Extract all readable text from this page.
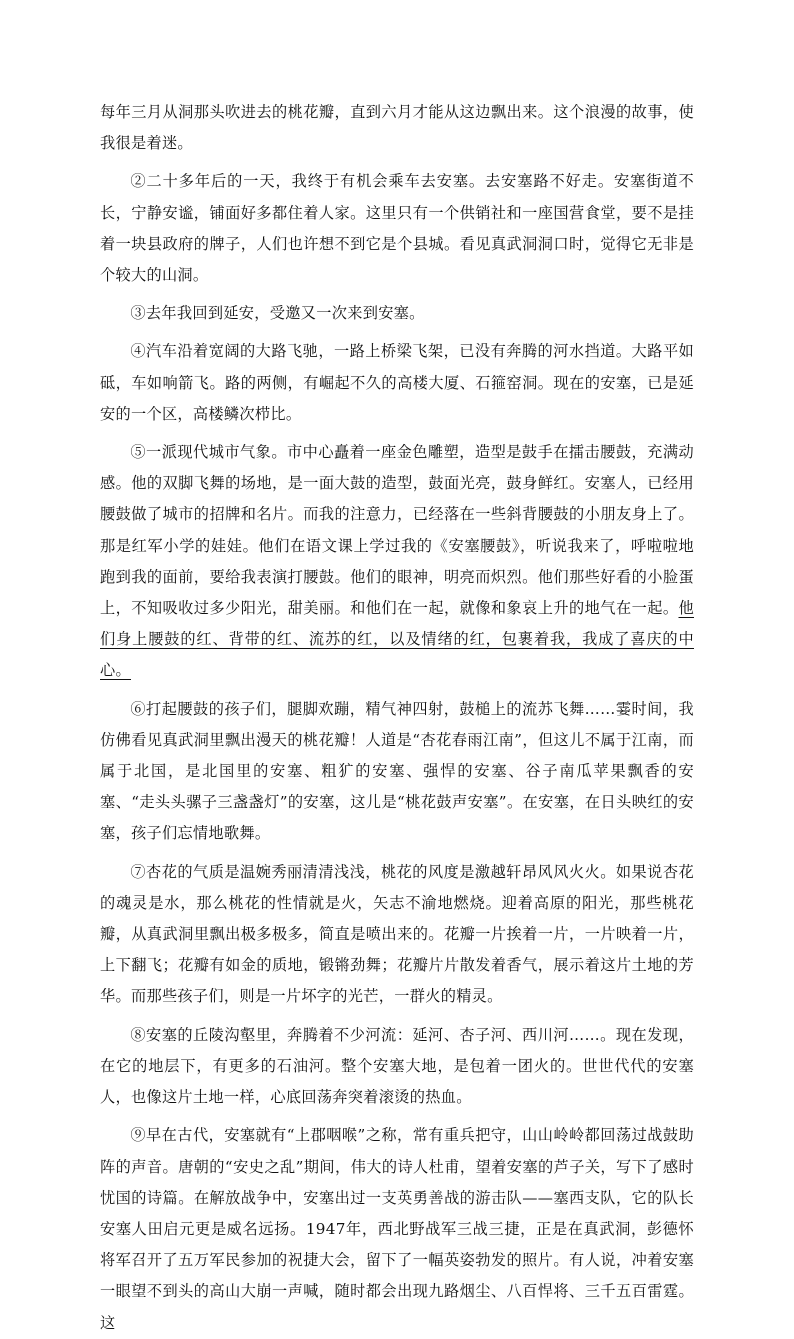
每年三月从洞那头吹进去的桃花瓣，直到六月才能从这边飘出来。这个浪漫的故事，使我很是着迷。

②二十多年后的一天，我终于有机会乘车去安塞。去安塞路不好走。安塞街道不长，宁静安谧，铺面好多都住着人家。这里只有一个供销社和一座国营食堂，要不是挂着一块县政府的牌子，人们也许想不到它是个县城。看见真武洞洞口时，觉得它无非是个较大的山洞。

③去年我回到延安，受邀又一次来到安塞。

④汽车沿着宽阔的大路飞驰，一路上桥梁飞架，已没有奔腾的河水挡道。大路平如砥，车如响箭飞。路的两侧，有崛起不久的高楼大厦、石箍窑洞。现在的安塞，已是延安的一个区，高楼鳞次栉比。

⑤一派现代城市气象。市中心矗着一座金色雕塑，造型是鼓手在擂击腰鼓，充满动感。他的双脚飞舞的场地，是一面大鼓的造型，鼓面光亮，鼓身鲜红。安塞人，已经用腰鼓做了城市的招牌和名片。而我的注意力，已经落在一些斜背腰鼓的小朋友身上了。那是红军小学的娃娃。他们在语文课上学过我的《安塞腰鼓》，听说我来了，呼啦啦地跑到我的面前，要给我表演打腰鼓。他们的眼神，明亮而炽烈。他们那些好看的小脸蛋上，不知吸收过多少阳光，甜美丽。和他们在一起，就像和象哀上升的地气在一起。他们身上腰鼓的红、背带的红、流苏的红，以及情绪的红，包裹着我，我成了喜庆的中心。

⑥打起腰鼓的孩子们，腿脚欢蹦，精气神四射，鼓槌上的流苏飞舞……霎时间，我仿佛看见真武洞里飘出漫天的桃花瓣！人道是“杏花春雨江南”，但这儿不属于江南，而属于北国，是北国里的安塞、粗犷的安塞、强悍的安塞、谷子南瓜苹果飘香的安塞、“走头头骡子三盏盏灯”的安塞，这儿是“桃花鼓声安塞”。在安塞，在日头映红的安塞，孩子们忘情地歌舞。

⑦杏花的气质是温婉秀丽清清浅浅，桃花的风度是激越轩昂风风火火。如果说杏花的魂灵是水，那么桃花的性情就是火，矢志不渝地燃烧。迎着高原的阳光，那些桃花瓣，从真武洞里飘出极多极多，简直是喷出来的。花瓣一片挨着一片，一片映着一片，上下翻飞；花瓣有如金的质地，锻锵劲舞；花瓣片片散发着香气，展示着这片土地的芳华。而那些孩子们，则是一片坏字的光芒，一群火的精灵。

⑧安塞的丘陵沟壑里，奔腾着不少河流：延河、杏子河、西川河……。现在发现，在它的地层下，有更多的石油河。整个安塞大地，是包着一团火的。世世代代的安塞人，也像这片土地一样，心底回荡奔突着滚烫的热血。

⑨早在古代，安塞就有“上郡咽喉”之称，常有重兵把守，山山岭岭都回荡过战鼓助阵的声音。唐朝的“安史之乱”期间，伟大的诗人杜甫，望着安塞的芦子关，写下了感时忧国的诗篇。在解放战争中，安塞出过一支英勇善战的游击队——塞西支队，它的队长安塞人田启元更是威名远扬。1947年，西北野战军三战三捷，正是在真武洞，彭德怀将军召开了五万军民参加的祝捷大会，留下了一幅英姿勃发的照片。有人说，冲着安塞一眼望不到头的高山大崩一声喊，随时都会出现九路烟尘、八百悍将、三千五百雷霆。这
